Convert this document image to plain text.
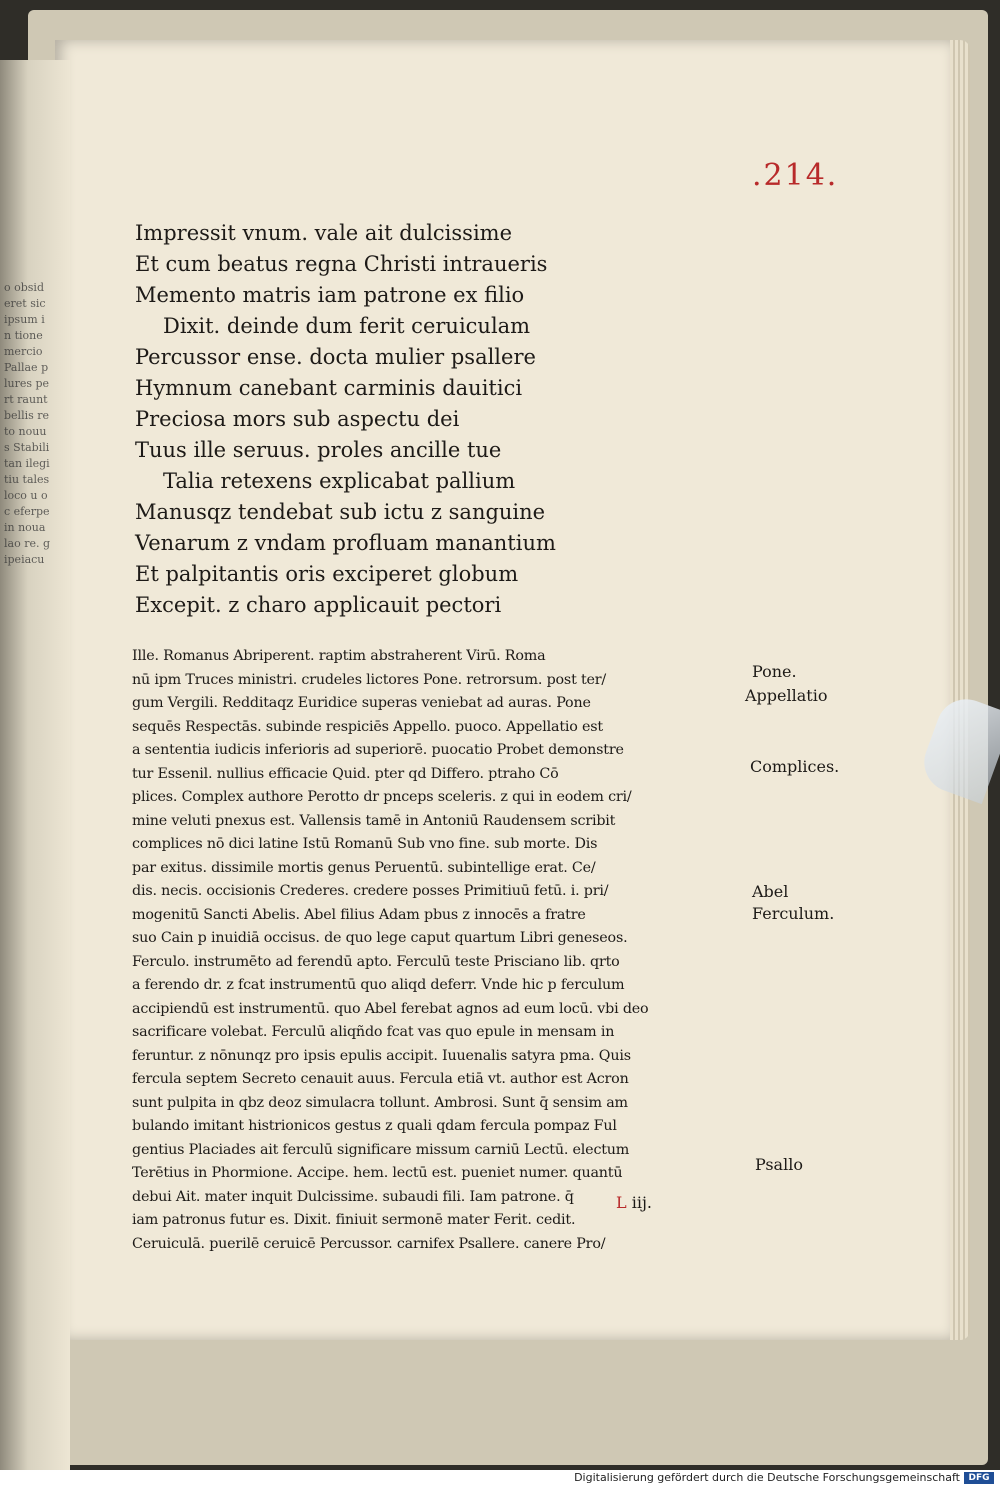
o obsideret sic ipsum in tione mercio Pallae plures pert raunt bellis reto nouus Stabilitan ilegitiu tales loco u oc eferpe in noua lao re. gipeiacu
.214.
Impressit vnum. vale ait dulcissime
Et cum beatus regna Christi intraueris
Memento matris iam patrone ex filio
Dixit. deinde dum ferit ceruiculam
Percussor ense. docta mulier psallere
Hymnum canebant carminis dauitici
Preciosa mors sub aspectu dei
Tuus ille seruus. proles ancille tue
Talia retexens explicabat pallium
Manusqz tendebat sub ictu z sanguine
Venarum z vndam profluam manantium
Et palpitantis oris exciperet globum
Excepit. z charo applicauit pectori
Ille. Romanus Abriperent. raptim abstraherent Virū. Roma
nū ipm Truces ministri. crudeles lictores Pone. retrorsum. post ter/
gum Vergili. Redditaqz Euridice superas veniebat ad auras. Pone
sequēs Respectās. subinde respiciēs Appello. puoco. Appellatio est
a sententia iudicis inferioris ad superiorē. puocatio Probet demonstre
tur Essenil. nullius efficacie Quid. pter qd Differo. ptraho Cō
plices. Complex authore Perotto dr pnceps sceleris. z qui in eodem cri/
mine veluti pnexus est. Vallensis tamē in Antoniū Raudensem scribit
complices nō dici latine Istū Romanū Sub vno fine. sub morte. Dis
par exitus. dissimile mortis genus Peruentū. subintellige erat. Ce/
dis. necis. occisionis Crederes. credere posses Primitiuū fetū. i. pri/
mogenitū Sancti Abelis. Abel filius Adam pbus z innocēs a fratre
suo Cain p inuidiā occisus. de quo lege caput quartum Libri geneseos.
Ferculo. instrumēto ad ferendū apto. Ferculū teste Prisciano lib. qrto
a ferendo dr. z fcat instrumentū quo aliqd deferr. Vnde hic p ferculum
accipiendū est instrumentū. quo Abel ferebat agnos ad eum locū. vbi deo
sacrificare volebat. Ferculū aliqñdo fcat vas quo epule in mensam in
feruntur. z nōnunqz pro ipsis epulis accipit. Iuuenalis satyra pma. Quis
fercula septem Secreto cenauit auus. Fercula etiā vt. author est Acron
sunt pulpita in qbz deoz simulacra tollunt. Ambrosi. Sunt q̄ sensim am
bulando imitant histrionicos gestus z quali qdam fercula pompaz Ful
gentius Placiades ait ferculū significare missum carniū Lectū. electum
Terētius in Phormione. Accipe. hem. lectū est. pueniet numer. quantū
debui Ait. mater inquit Dulcissime. subaudi fili. Iam patrone. q̄
iam patronus futur es. Dixit. finiuit sermonē mater Ferit. cedit.
Ceruiculā. puerilē ceruicē Percussor. carnifex Psallere. canere Pro/
Pone.
Appellatio
Complices.
Abel
Ferculum.
Psallo
L iij.
Digitalisierung gefördert durch die Deutsche Forschungsgemeinschaft DFG
